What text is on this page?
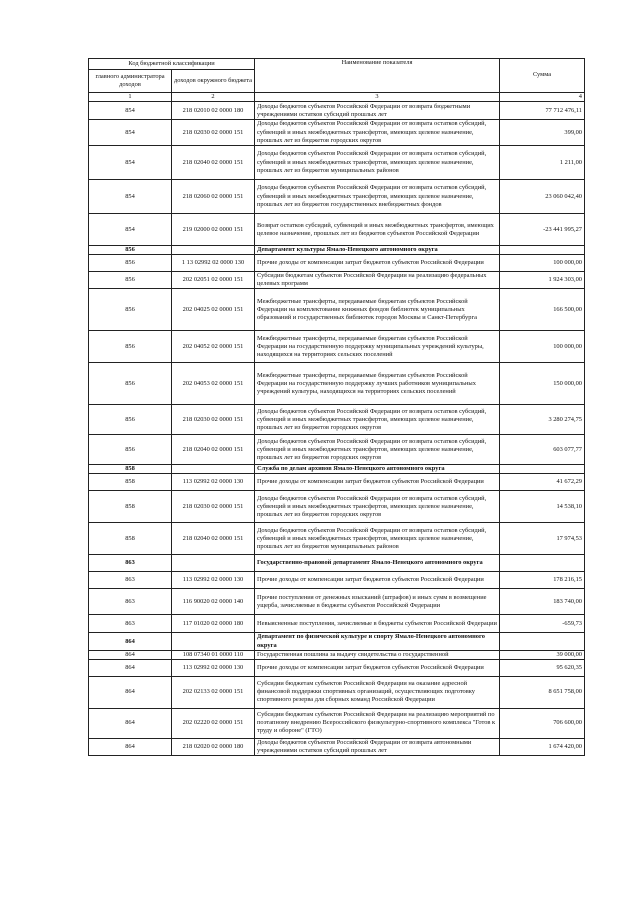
Код бюджетной классификации		Наименование показателя	Сумма
главного администратора доходов	доходов окружного бюджета		
1	2	3	4
854	218 02010 02 0000 180	Доходы бюджетов субъектов Российской Федерации от возврата бюджетными учреждениями остатков субсидий прошлых лет	77 712 476,11
854	218 02030 02 0000 151	Доходы бюджетов субъектов Российской Федерации от возврата остатков субсидий, субвенций и иных межбюджетных трансфертов, имеющих целевое назначение, прошлых лет из бюджетов городских округов	399,00
854	218 02040 02 0000 151	Доходы бюджетов субъектов Российской Федерации от возврата остатков субсидий, субвенций и иных межбюджетных трансфертов, имеющих целевое назначение, прошлых лет из бюджетов муниципальных районов	1 211,00
854	218 02060 02 0000 151	Доходы бюджетов субъектов Российской Федерации от возврата остатков субсидий, субвенций и иных межбюджетных трансфертов, имеющих целевое назначение, прошлых лет из бюджетов государственных внебюджетных фондов	23 060 042,40
854	219 02000 02 0000 151	Возврат остатков субсидий, субвенций и иных межбюджетных трансфертов, имеющих целевое назначение, прошлых лет из бюджетов субъектов Российской Федерации	-23 441 995,27
856		Департамент культуры Ямало-Ненецкого автономного округа	
856	1 13 02992 02 0000 130	Прочие доходы от компенсации затрат бюджетов субъектов Российской Федерации	100 000,00
856	202 02051 02 0000 151	Субсидии бюджетам субъектов Российской Федерации на реализацию федеральных целевых программ	1 924 303,00
856	202 04025 02 0000 151	Межбюджетные трансферты, передаваемые бюджетам субъектов Российской Федерации на комплектование книжных фондов библиотек муниципальных образований и государственных библиотек городов Москвы и Санкт-Петербурга	166 500,00
856	202 04052 02 0000 151	Межбюджетные трансферты, передаваемые бюджетам субъектов Российской Федерации на государственную поддержку муниципальных учреждений культуры, находящихся на территориях сельских поселений	100 000,00
856	202 04053 02 0000 151	Межбюджетные трансферты, передаваемые бюджетам субъектов Российской Федерации на государственную поддержку лучших работников муниципальных учреждений культуры, находящихся на территориях сельских поселений	150 000,00
856	218 02030 02 0000 151	Доходы бюджетов субъектов Российской Федерации от возврата остатков субсидий, субвенций и иных межбюджетных трансфертов, имеющих целевое назначение, прошлых лет из бюджетов городских округов	3 280 274,75
856	218 02040 02 0000 151	Доходы бюджетов субъектов Российской Федерации от возврата остатков субсидий, субвенций и иных межбюджетных трансфертов, имеющих целевое назначение, прошлых лет из бюджетов городских округов	603 077,77
858		Служба по делам архивов Ямало-Ненецкого автономного округа	
858	113 02992 02 0000 130	Прочие доходы от компенсации затрат бюджетов субъектов Российской Федерации	41 672,29
858	218 02030 02 0000 151	Доходы бюджетов субъектов Российской Федерации от возврата остатков субсидий, субвенций и иных межбюджетных трансфертов, имеющих целевое назначение, прошлых лет из бюджетов городских округов	14 538,10
858	218 02040 02 0000 151	Доходы бюджетов субъектов Российской Федерации от возврата остатков субсидий, субвенций и иных межбюджетных трансфертов, имеющих целевое назначение, прошлых лет из бюджетов муниципальных районов	17 974,53
863		Государственно-правовой департамент Ямало-Ненецкого автономного округа	
863	113 02992 02 0000 130	Прочие доходы от компенсации затрат бюджетов субъектов Российской Федерации	178 216,15
863	116 90020 02 0000 140	Прочие поступления от денежных взысканий (штрафов) и иных сумм в возмещение ущерба, зачисляемые в бюджеты субъектов Российской Федерации	183 740,00
863	117 01020 02 0000 180	Невыясненные поступления, зачисляемые в бюджеты субъектов Российской Федерации	-659,73
864		Департамент по физической культуре и спорту Ямало-Ненецкого автономного округа	
864	108 07340 01 0000 110	Государственная пошлина за выдачу свидетельства о государственной	39 000,00
864	113 02992 02 0000 130	Прочие доходы от компенсации затрат бюджетов субъектов Российской Федерации	95 620,35
864	202 02133 02 0000 151	Субсидии бюджетам субъектов Российской Федерации на оказание адресной финансовой поддержки спортивных организаций, осуществляющих подготовку спортивного резерва для сборных команд Российской Федерации	8 651 758,00
864	202 02220 02 0000 151	Субсидии бюджетам субъектов Российской Федерации на реализацию мероприятий по поэтапному внедрению Всероссийского физкультурно-спортивного комплекса "Готов к труду и обороне" (ГТО)	706 600,00
864	218 02020 02 0000 180	Доходы бюджетов субъектов Российской Федерации от возврата автономными учреждениями остатков субсидий прошлых лет	1 674 420,00
